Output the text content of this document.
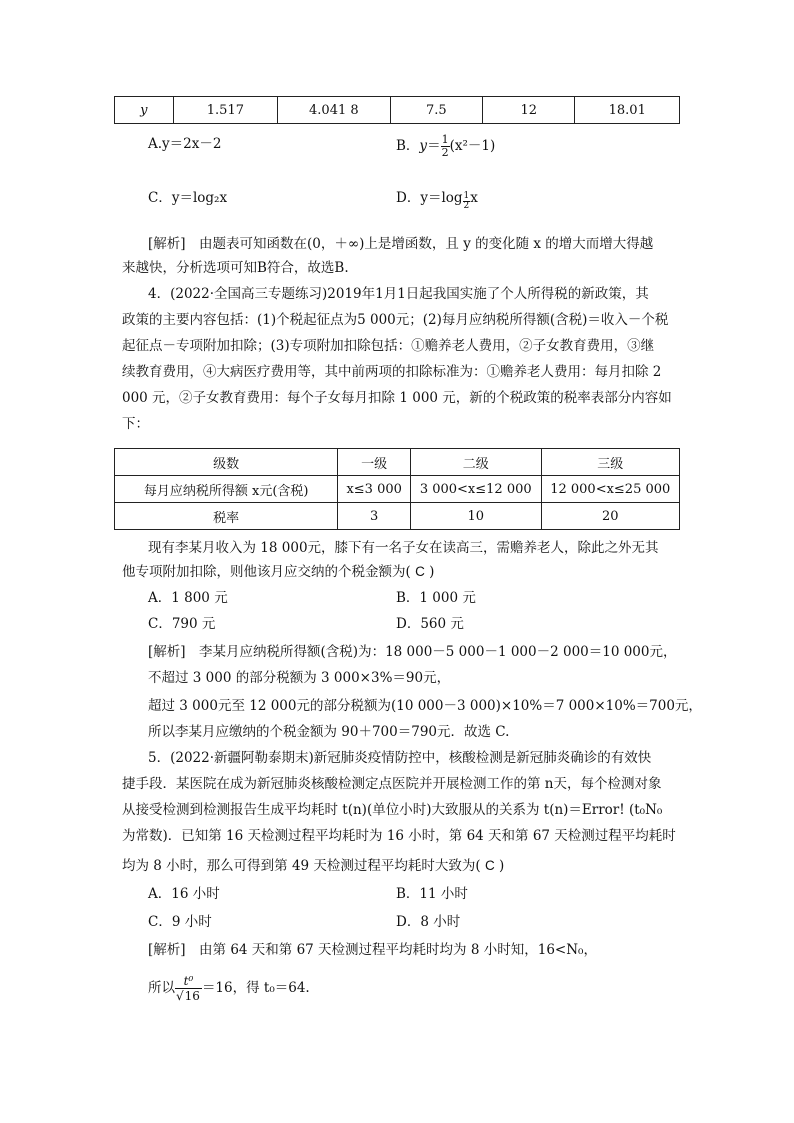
y	1.517	4.041 8	7.5	12	18.01
A.y＝2x－2	B．$y= \frac{1}{2} (x^2-1)$
C．y＝log₂x	D．$y=\log \frac{1}{2}$ x
[解析]　由题表可知函数在(0，＋∞)上是增函数，且 y 的变化随 x 的增大而增大得越
来越快，分析选项可知B符合，故选B.
4．(2022·全国高三专题练习)2019年1月1日起我国实施了个人所得税的新政策，其
政策的主要内容包括：(1)个税起征点为5 000元；(2)每月应纳税所得额(含税)＝收入－个税
起征点－专项附加扣除；(3)专项附加扣除包括：①赡养老人费用，②子女教育费用，③继
续教育费用，④大病医疗费用等，其中前两项的扣除标准为：①赡养老人费用：每月扣除 2
000 元，②子女教育费用：每个子女每月扣除 1 000 元，新的个税政策的税率表部分内容如
下：
级数	一级	二级	三级
每月应纳税所得额 x元(含税)	x≤3 000	3 000<x≤12 000	12 000<x≤25 000
税率	3	10	20
现有李某月收入为 18 000元，膝下有一名子女在读高三，需赡养老人，除此之外无其
他专项附加扣除，则他该月应交纳的个税金额为( C )
A．1 800 元	B．1 000 元
C．790 元	D．560 元
[解析]　李某月应纳税所得额(含税)为：18 000－5 000－1 000－2 000＝10 000元，
不超过 3 000 的部分税额为 3 000×3%＝90元，
超过 3 000元至 12 000元的部分税额为(10 000－3 000)×10%＝7 000×10%＝700元，
所以李某月应缴纳的个税金额为 90＋700＝790元．故选 C.
5．(2022·新疆阿勒泰期末)新冠肺炎疫情防控中，核酸检测是新冠肺炎确诊的有效快
捷手段．某医院在成为新冠肺炎核酸检测定点医院并开展检测工作的第 n天，每个检测对象
从接受检测到检测报告生成平均耗时 t(n)(单位小时)大致服从的关系为 t(n)＝Error! (t₀N₀
为常数)．已知第 16 天检测过程平均耗时为 16 小时，第 64 天和第 67 天检测过程平均耗时
均为 8 小时，那么可得到第 49 天检测过程平均耗时大致为( C )
A．16 小时	B．11 小时
C．9 小时	D．8 小时
[解析]　由第 64 天和第 67 天检测过程平均耗时均为 8 小时知，16<N₀，
所以 $\frac{\text{t⁰}}{√16} =16$，得 t₀＝64.
